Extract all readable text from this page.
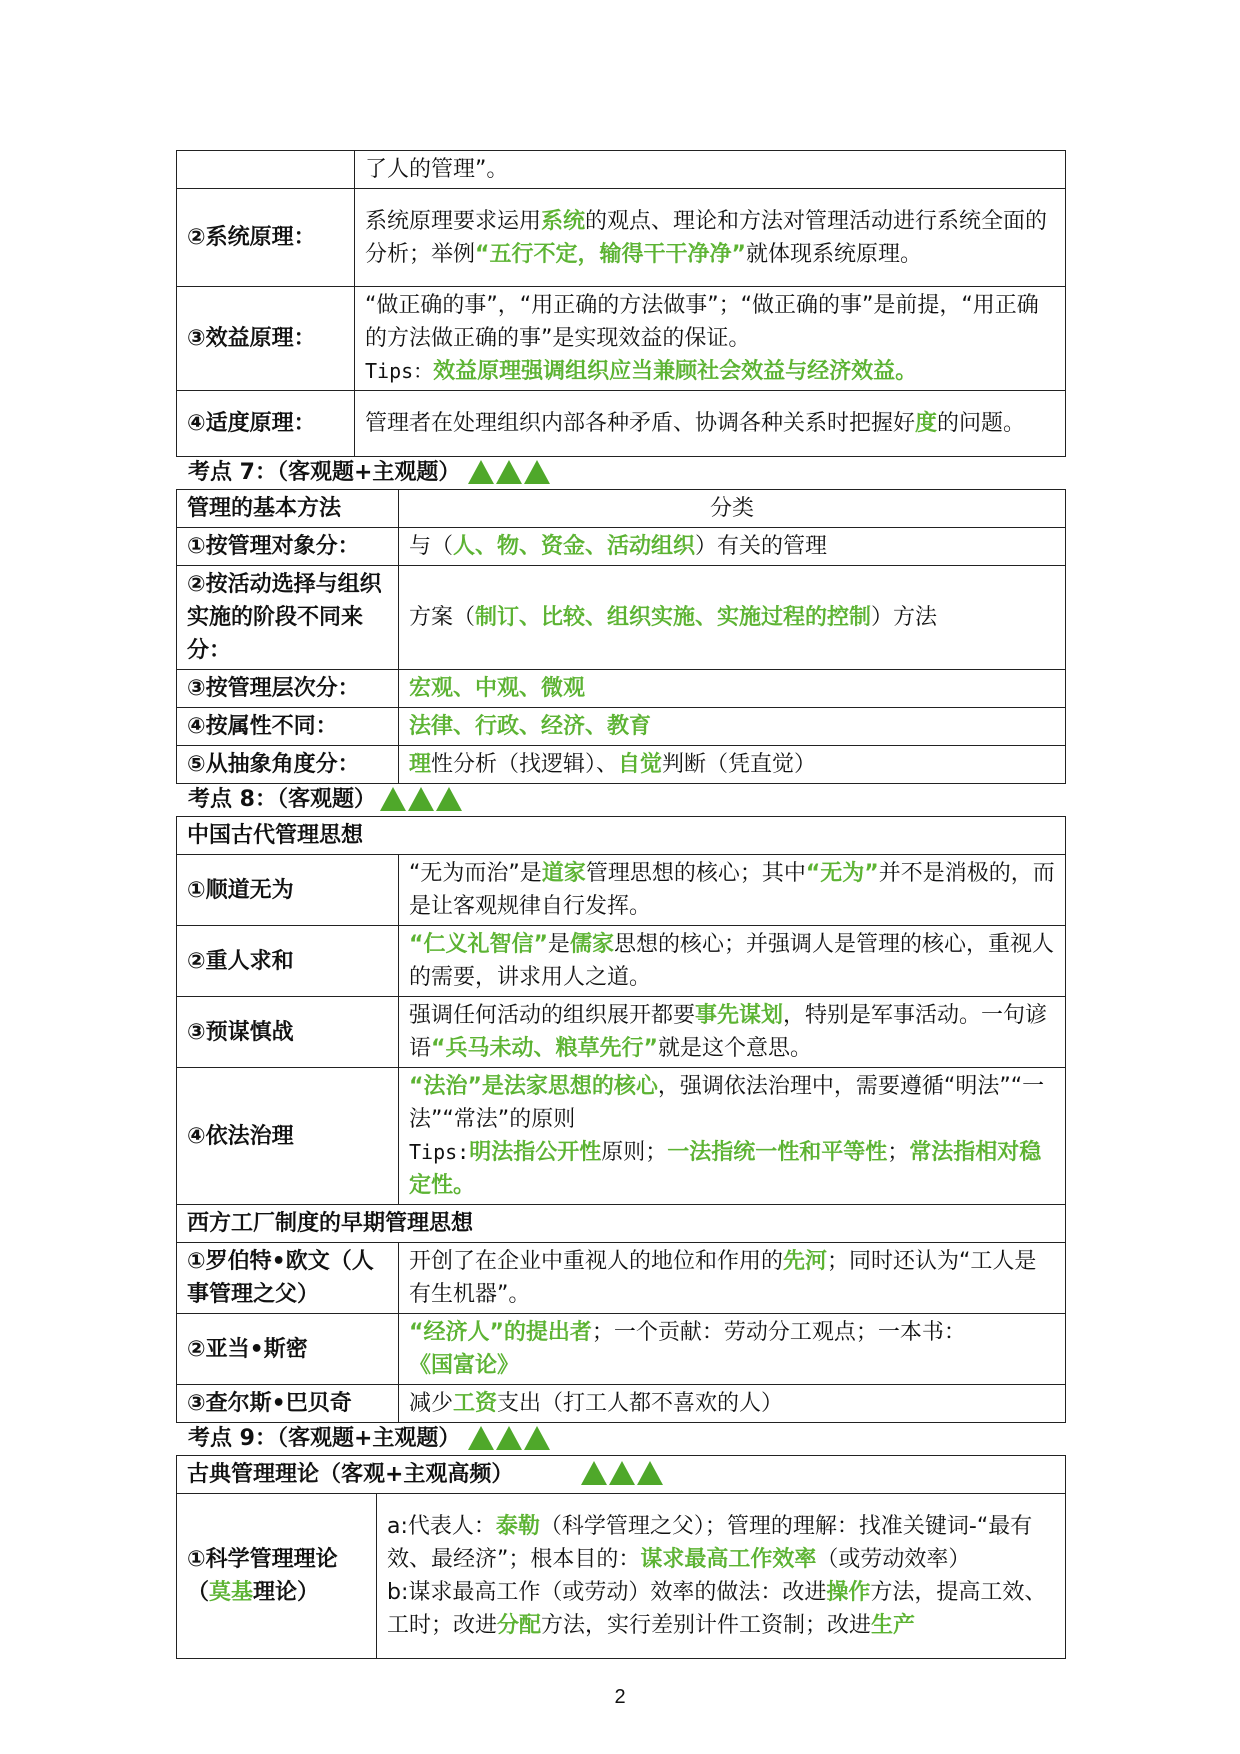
	了人的管理”。
②系统原理：	系统原理要求运用系统的观点、理论和方法对管理活动进行系统全面的分析；举例“五行不定，输得干干净净”就体现系统原理。
③效益原理：	“做正确的事”，“用正确的方法做事”；“做正确的事”是前提，“用正确的方法做正确的事”是实现效益的保证。
Tips：效益原理强调组织应当兼顾社会效益与经济效益。
④适度原理：	管理者在处理组织内部各种矛盾、协调各种关系时把握好度的问题。
考点 7：（客观题+主观题）
管理的基本方法	分类
①按管理对象分：	与（人、物、资金、活动组织）有关的管理
②按活动选择与组织实施的阶段不同来分：	方案（制订、比较、组织实施、实施过程的控制）方法
③按管理层次分：	宏观、中观、微观
④按属性不同：	法律、行政、经济、教育
⑤从抽象角度分：	理性分析（找逻辑）、自觉判断（凭直觉）
考点 8：（客观题）
中国古代管理思想	
①顺道无为	“无为而治”是道家管理思想的核心；其中“无为”并不是消极的，而是让客观规律自行发挥。
②重人求和	“仁义礼智信”是儒家思想的核心；并强调人是管理的核心，重视人的需要，讲求用人之道。
③预谋慎战	强调任何活动的组织展开都要事先谋划，特别是军事活动。一句谚语“兵马未动、粮草先行”就是这个意思。
④依法治理	“法治”是法家思想的核心，强调依法治理中，需要遵循“明法”“一法”“常法”的原则
Tips:明法指公开性原则；一法指统一性和平等性；常法指相对稳定性。
西方工厂制度的早期管理思想	
①罗伯特•欧文（人事管理之父）	开创了在企业中重视人的地位和作用的先河；同时还认为“工人是有生机器”。
②亚当•斯密	“经济人”的提出者；一个贡献：劳动分工观点；一本书：《国富论》
③查尔斯•巴贝奇	减少工资支出（打工人都不喜欢的人）
考点 9：（客观题+主观题）
古典管理理论（客观+主观高频）

①科学管理理论（莫基理论）	a:代表人：泰勒（科学管理之父）；管理的理解：找准关键词-“最有效、最经济”；根本目的：谋求最高工作效率（或劳动效率）
b:谋求最高工作（或劳动）效率的做法：改进操作方法，提高工效、工时；改进分配方法，实行差别计件工资制；改进生产
2
